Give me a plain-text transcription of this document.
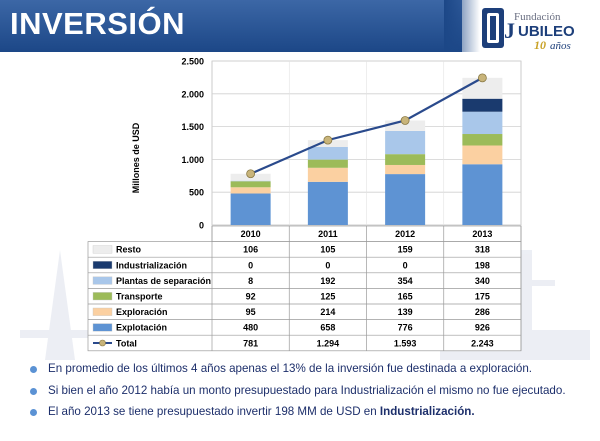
INVERSIÓN	Fundación
J UBILEO
10 años
0
500
1.000
1.500
2.000
2.500
Millones de USD
2010	2011	2012	2013
Resto	106	105	159	318
Industrialización	0	0	0	198
Plantas de separación	8	192	354	340
Transporte	92	125	165	175
Exploración	95	214	139	286
Explotación	480	658	776	926
Total	781	1.294	1.593	2.243
En promedio de los últimos 4 años apenas el 13% de la inversión fue destinada a exploración.
Si bien el año 2012 había un monto presupuestado para Industrialización el mismo no fue ejecutado.
El año 2013 se tiene presupuestado invertir 198 MM de USD en Industrialización.
